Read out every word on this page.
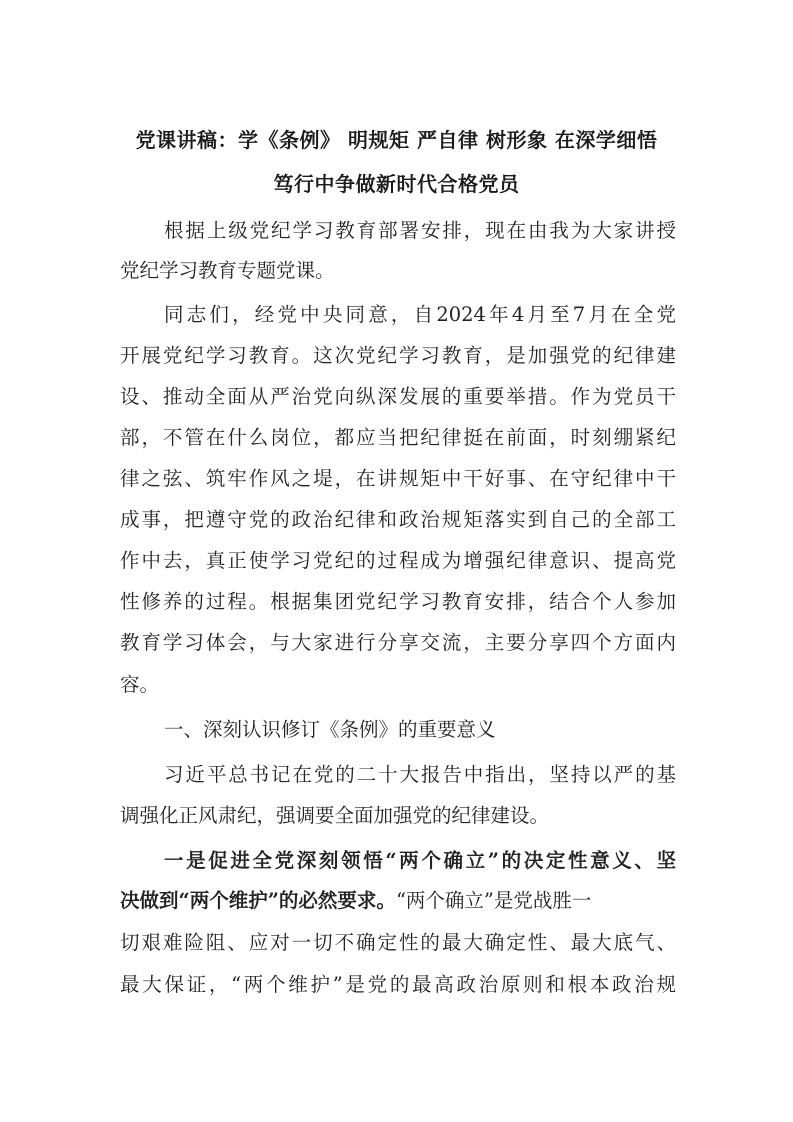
党课讲稿：学《条例》 明规矩 严自律 树形象 在深学细悟
笃行中争做新时代合格党员
根据上级党纪学习教育部署安排，现在由我为大家讲授
党纪学习教育专题党课。
同志们，经党中央同意，自2024年4月至7月在全党
开展党纪学习教育。这次党纪学习教育，是加强党的纪律建
设、推动全面从严治党向纵深发展的重要举措。作为党员干
部，不管在什么岗位，都应当把纪律挺在前面，时刻绷紧纪
律之弦、筑牢作风之堤，在讲规矩中干好事、在守纪律中干
成事，把遵守党的政治纪律和政治规矩落实到自己的全部工
作中去，真正使学习党纪的过程成为增强纪律意识、提高党
性修养的过程。根据集团党纪学习教育安排，结合个人参加
教育学习体会，与大家进行分享交流，主要分享四个方面内
容。
一、深刻认识修订《条例》的重要意义
习近平总书记在党的二十大报告中指出，坚持以严的基
调强化正风肃纪，强调要全面加强党的纪律建设。
一是促进全党深刻领悟“两个确立”的决定性意义、坚
决做到“两个维护”的必然要求。“两个确立”是党战胜一
切艰难险阻、应对一切不确定性的最大确定性、最大底气、
最大保证，“两个维护”是党的最高政治原则和根本政治规
